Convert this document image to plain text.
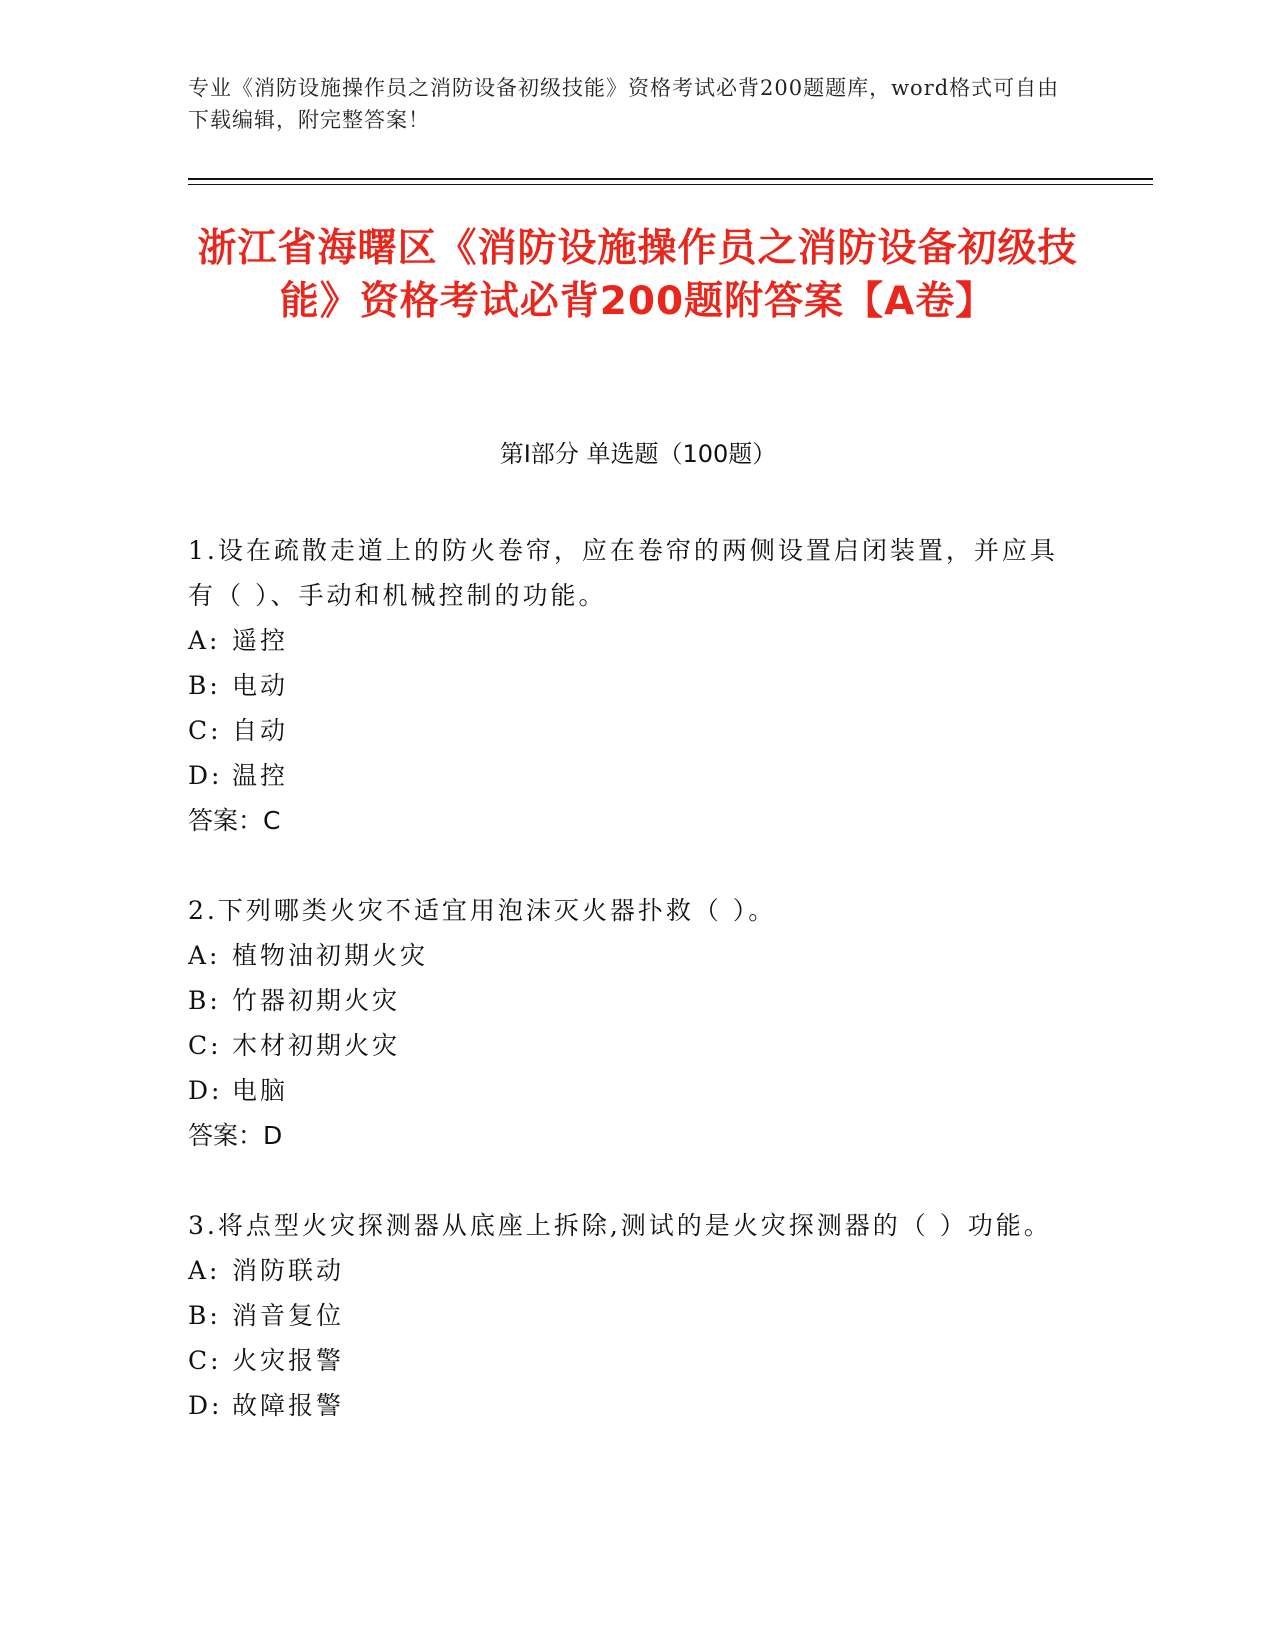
专业《消防设施操作员之消防设备初级技能》资格考试必背200题题库，word格式可自由下载编辑，附完整答案！
浙江省海曙区《消防设施操作员之消防设备初级技能》资格考试必背200题附答案【A卷】
第Ⅰ部分 单选题（100题）
1.设在疏散走道上的防火卷帘，应在卷帘的两侧设置启闭装置，并应具有（ ）、手动和机械控制的功能。
A: 遥控
B: 电动
C: 自动
D: 温控
答案：C
2.下列哪类火灾不适宜用泡沫灭火器扑救（ ）。
A: 植物油初期火灾
B: 竹器初期火灾
C: 木材初期火灾
D: 电脑
答案：D
3.将点型火灾探测器从底座上拆除,测试的是火灾探测器的（ ）功能。
A: 消防联动
B: 消音复位
C: 火灾报警
D: 故障报警
